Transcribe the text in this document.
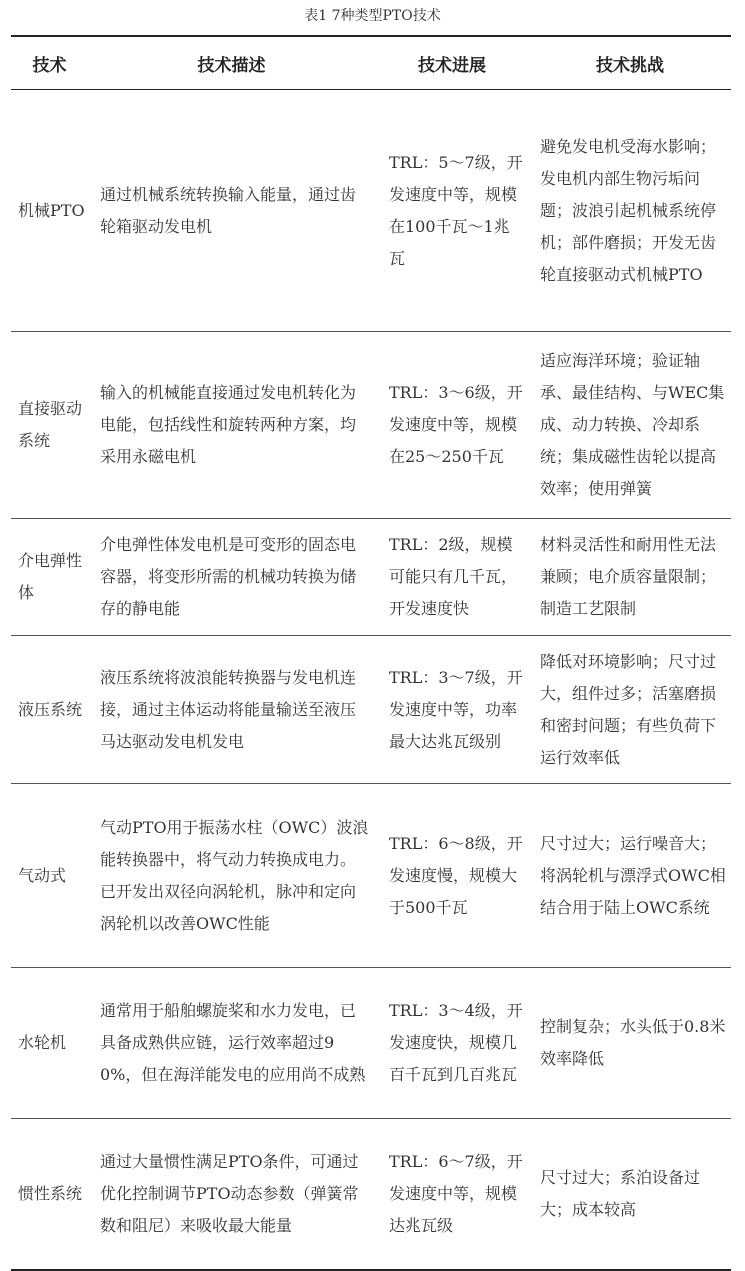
表1 7种类型PTO技术
技术	技术描述	技术进展	技术挑战
机械PTO	通过机械系统转换输入能量，通过齿轮箱驱动发电机	TRL：5～7级，开发速度中等，规模在100千瓦～1兆瓦	避免发电机受海水影响；发电机内部生物污垢问题；波浪引起机械系统停机；部件磨损；开发无齿轮直接驱动式机械PTO
直接驱动系统	输入的机械能直接通过发电机转化为电能，包括线性和旋转两种方案，均采用永磁电机	TRL：3～6级，开发速度中等，规模在25～250千瓦	适应海洋环境；验证轴承、最佳结构、与WEC集成、动力转换、冷却系统；集成磁性齿轮以提高效率；使用弹簧
介电弹性体	介电弹性体发电机是可变形的固态电容器，将变形所需的机械功转换为储存的静电能	TRL：2级，规模可能只有几千瓦，开发速度快	材料灵活性和耐用性无法兼顾；电介质容量限制；制造工艺限制
液压系统	液压系统将波浪能转换器与发电机连接，通过主体运动将能量输送至液压马达驱动发电机发电	TRL：3～7级，开发速度中等，功率最大达兆瓦级别	降低对环境影响；尺寸过大，组件过多；活塞磨损和密封问题；有些负荷下运行效率低
气动式	气动PTO用于振荡水柱（OWC）波浪能转换器中，将气动力转换成电力。已开发出双径向涡轮机，脉冲和定向涡轮机以改善OWC性能	TRL：6～8级，开发速度慢，规模大于500千瓦	尺寸过大；运行噪音大；将涡轮机与漂浮式OWC相结合用于陆上OWC系统
水轮机	通常用于船舶螺旋桨和水力发电，已具备成熟供应链，运行效率超过90%，但在海洋能发电的应用尚不成熟	TRL：3～4级，开发速度快，规模几百千瓦到几百兆瓦	控制复杂；水头低于0.8米效率降低
惯性系统	通过大量惯性满足PTO条件，可通过优化控制调节PTO动态参数（弹簧常数和阻尼）来吸收最大能量	TRL：6～7级，开发速度中等，规模达兆瓦级	尺寸过大；系泊设备过大；成本较高
